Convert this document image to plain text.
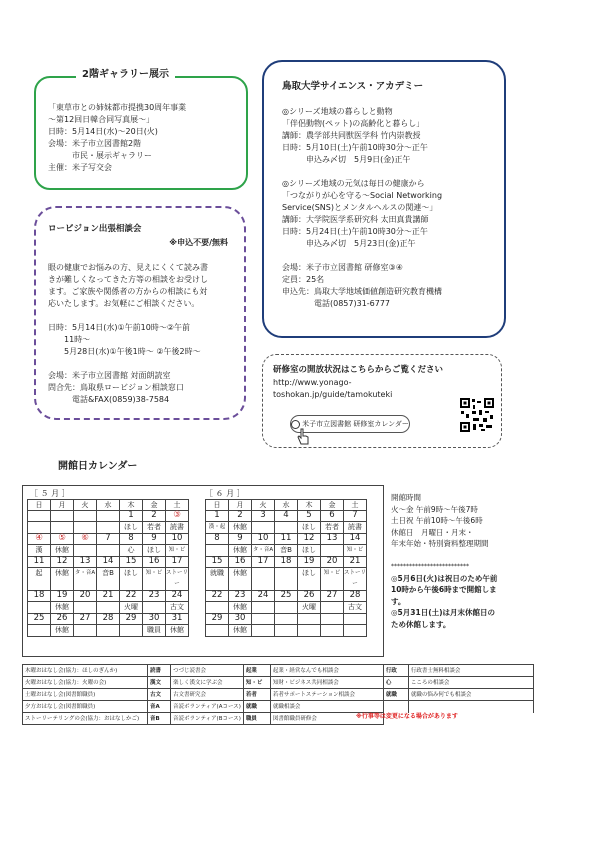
「東草市との姉妹都市提携30周年事業
〜第12回日韓合同写真展〜」
日時：5月14日(水)〜20日(火)
会場：米子市立図書館2階
　　　市民・展示ギャラリー
主催：米子写交会
2階ギャラリー展示
ロービジョン出張相談会
※申込不要/無料
眼の健康でお悩みの方、見えにくくて読み書
きが難しくなってきた方等の相談をお受けし
ます。ご家族や関係者の方からの相談にも対
応いたします。お気軽にご相談ください。

日時：5月14日(水)①午前10時〜②午前
　　11時〜
　　5月28日(水)①午後1時〜 ②午後2時〜

会場：米子市立図書館 対面朗読室
問合先：鳥取県ロービジョン相談窓口
　　　電話&FAX(0859)38-7584
鳥取大学サイエンス・アカデミー
◎シリーズ地域の暮らしと動物
「伴侶動物(ペット)の高齢化と暮らし」
講師：農学部共同獣医学科 竹内崇教授
日時：5月10日(土)午前10時30分〜正午
　　　申込み〆切　5月9日(金)正午

◎シリーズ地域の元気は毎日の健康から
「つながりが心を守る〜Social Networking
Service(SNS)とメンタルヘルスの関連〜」
講師：大学院医学系研究科 太田真貴講師
日時：5月24日(土)午前10時30分〜正午
　　　申込み〆切　5月23日(金)正午

会場：米子市立図書館 研修室③④
定員：25名
申込先：鳥取大学地域価値創造研究教育機構
　　　　電話(0857)31-6777
研修室の開放状況はこちらからご覧ください
http://www.yonago-
toshokan.jp/guide/tamokuteki
米子市立図書館 研修室カレンダー
開館日カレンダー
［ ５ 月 ］	［ ６ 月 ］
日	月	火	水	木	金	土

				1	2	③

				ほし	若者	読書

④	⑤	⑥	7	8	9	10

漢	休館			心	ほし	知・ビ

11	12	13	14	15	16	17

起	休館	タ・音A	音B	ほし	知・ビ	ストーリー

18	19	20	21	22	23	24

	休館			火曜		古文

25	26	27	28	29	30	31

	休館				職員	休館
日	月	火	水	木	金	土

1	2	3	4	5	6	7

漢・起	休館			ほし	若者	読書

8	9	10	11	12	13	14

	休館	タ・音A	音B	ほし		知・ビ

15	16	17	18	19	20	21

就職	休館			ほし	知・ビ	ストーリー

22	23	24	25	26	27	28

	休館			火曜		古文

29	30					

	休館					

開館時間
火〜金 午前9時〜午後7時
土日祝 午前10時〜午後6時
休館日　月曜日・月末・
年末年始・特別資料整理期間

**************************
◎5月6日(火)は祝日のため午前
10時から午後6時まで開館しま
す。
◎5月31日(土)は月末休館日の
ため休館します。
木曜おはなし会(協力：ほしのぎんか)	読書	つづじ読書会	起業	起業・経営なんでも相談会	行政	行政書士無料相談会
火曜おはなし会(協力：火曜の会)	漢文	楽しく漢文に学ぶ会	知・ビ	知財・ビジネス共同相談会	心	こころの相談会
土曜おはなし会(図書館職員)	古文	古文書研究会	若者	若者サポートステーション相談会	就職	就職の悩み何でも相談会
夕方おはなし会(図書館職員)	音A	音読ボランティア(Aコース)	就職	就職相談会		
ストーリーテリングの会(協力：おはなしかご)	音B	音読ボランティア(Bコース)	職員	図書館職員研修会			※行事等は変更になる場合があります
